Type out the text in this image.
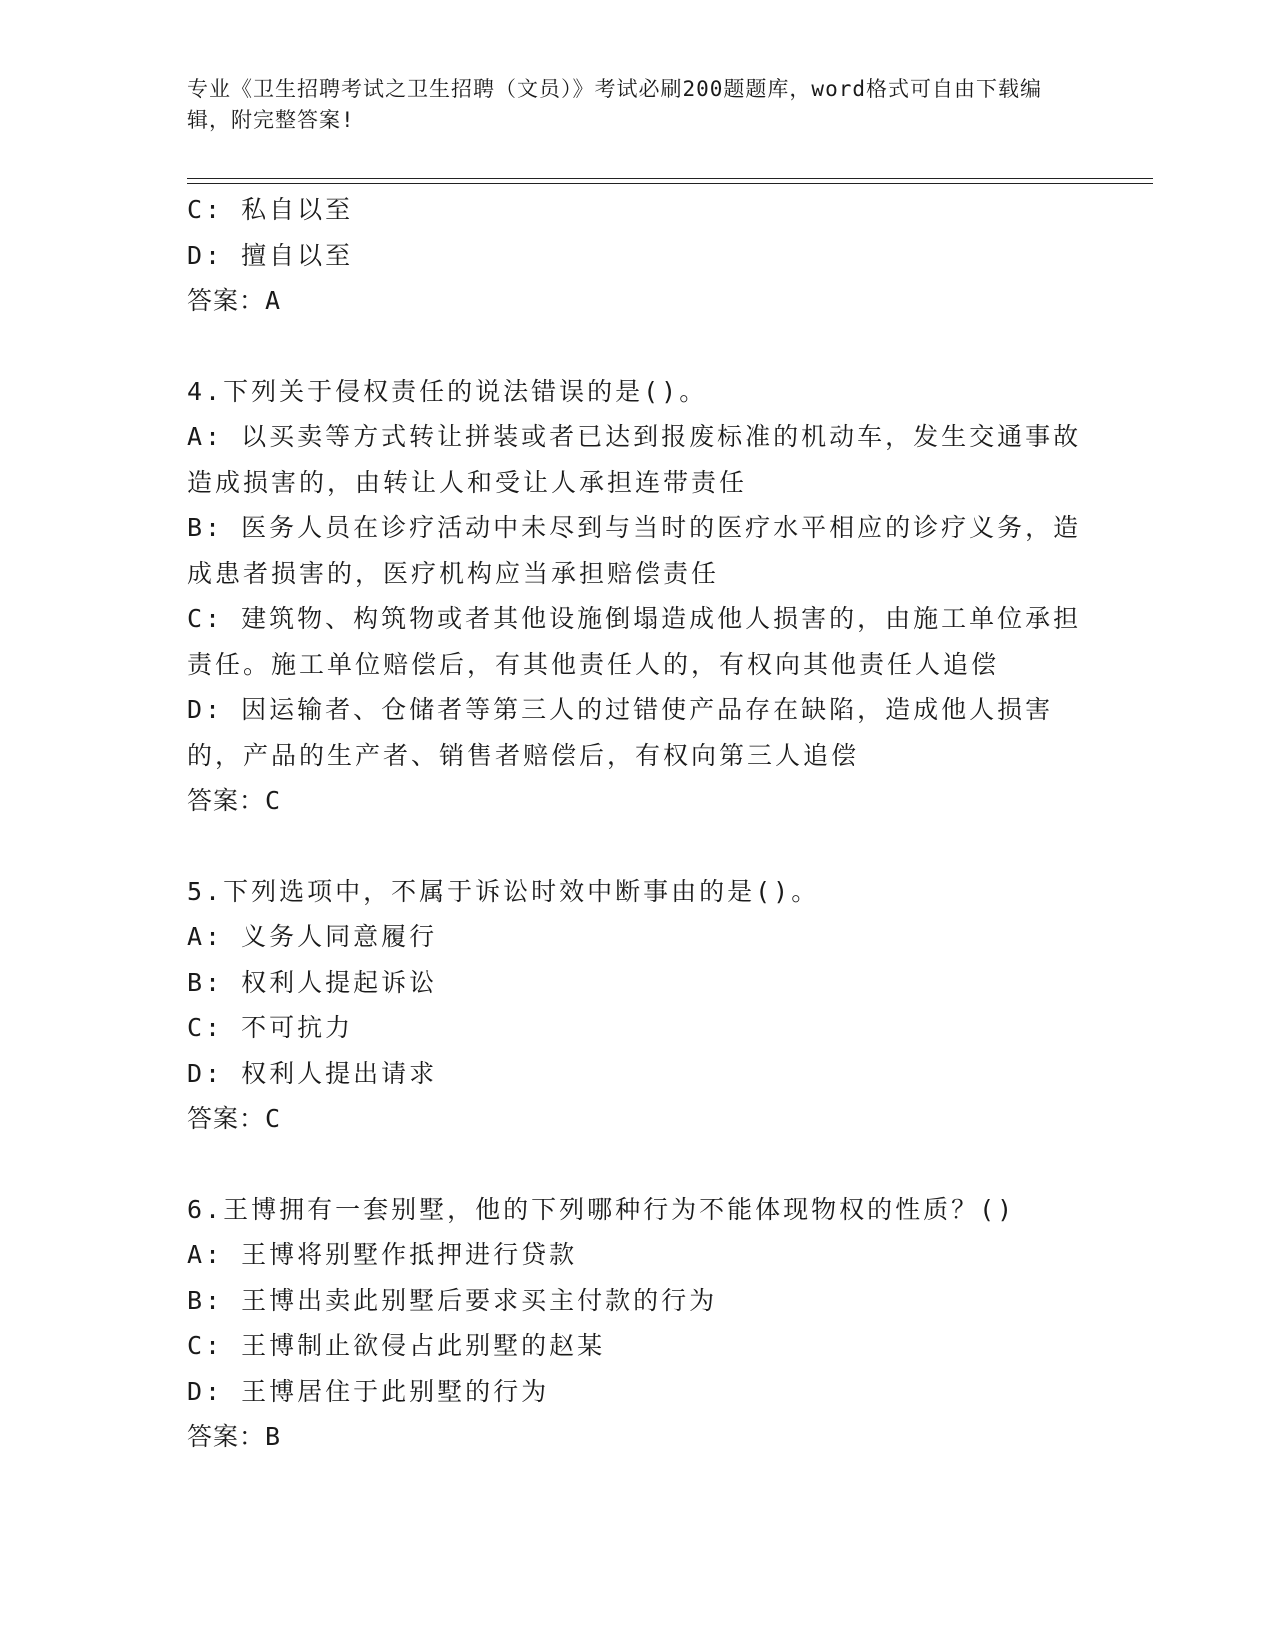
专业《卫生招聘考试之卫生招聘（文员）》考试必刷200题题库，word格式可自由下载编辑，附完整答案!

C: 私自以至

D: 擅自以至

答案：A

4.下列关于侵权责任的说法错误的是()。

A: 以买卖等方式转让拼装或者已达到报废标准的机动车，发生交通事故造成损害的，由转让人和受让人承担连带责任

B: 医务人员在诊疗活动中未尽到与当时的医疗水平相应的诊疗义务，造成患者损害的，医疗机构应当承担赔偿责任

C: 建筑物、构筑物或者其他设施倒塌造成他人损害的，由施工单位承担责任。施工单位赔偿后，有其他责任人的，有权向其他责任人追偿

D: 因运输者、仓储者等第三人的过错使产品存在缺陷，造成他人损害的，产品的生产者、销售者赔偿后，有权向第三人追偿

答案：C

5.下列选项中，不属于诉讼时效中断事由的是()。

A: 义务人同意履行

B: 权利人提起诉讼

C: 不可抗力

D: 权利人提出请求

答案：C

6.王博拥有一套别墅，他的下列哪种行为不能体现物权的性质？()

A: 王博将别墅作抵押进行贷款

B: 王博出卖此别墅后要求买主付款的行为

C: 王博制止欲侵占此别墅的赵某

D: 王博居住于此别墅的行为

答案：B
